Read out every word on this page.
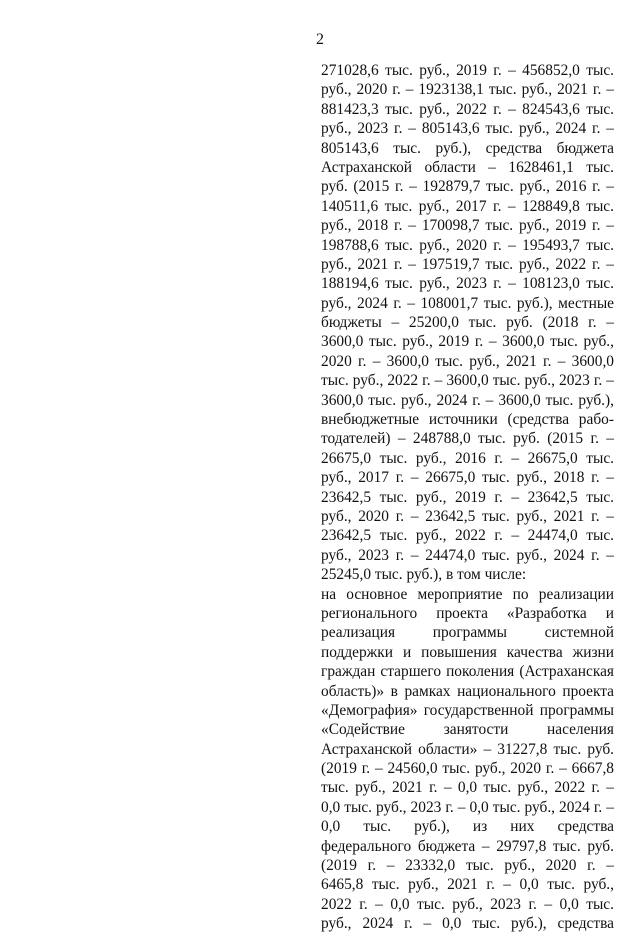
2
271028,6 тыс. руб., 2019 г. – 456852,0 тыс.
руб., 2020 г. – 1923138,1 тыс. руб., 2021 г. –
881423,3 тыс. руб., 2022 г. – 824543,6 тыс.
руб., 2023 г. – 805143,6 тыс. руб., 2024 г. –
805143,6 тыс. руб.), средства бюджета
Астраханской области – 1628461,1 тыс.
руб. (2015 г. – 192879,7 тыс. руб., 2016 г. –
140511,6 тыс. руб., 2017 г. – 128849,8 тыс.
руб., 2018 г. – 170098,7 тыс. руб., 2019 г. –
198788,6 тыс. руб., 2020 г. – 195493,7 тыс.
руб., 2021 г. – 197519,7 тыс. руб., 2022 г. –
188194,6 тыс. руб., 2023 г. – 108123,0 тыс.
руб., 2024 г. – 108001,7 тыс. руб.), местные
бюджеты – 25200,0 тыс. руб. (2018 г. –
3600,0 тыс. руб., 2019 г. – 3600,0 тыс. руб.,
2020 г. – 3600,0 тыс. руб., 2021 г. – 3600,0
тыс. руб., 2022 г. – 3600,0 тыс. руб., 2023 г. –
3600,0 тыс. руб., 2024 г. – 3600,0 тыс. руб.),
внебюджетные источники (средства рабо-
тодателей) – 248788,0 тыс. руб. (2015 г. –
26675,0 тыс. руб., 2016 г. – 26675,0 тыс.
руб., 2017 г. – 26675,0 тыс. руб., 2018 г. –
23642,5 тыс. руб., 2019 г. – 23642,5 тыс.
руб., 2020 г. – 23642,5 тыс. руб., 2021 г. –
23642,5 тыс. руб., 2022 г. – 24474,0 тыс.
руб., 2023 г. – 24474,0 тыс. руб., 2024 г. –
25245,0 тыс. руб.), в том числе:
на основное мероприятие по реализации
регионального проекта «Разработка и
реализация программы системной
поддержки и повышения качества жизни
граждан старшего поколения (Астраханская
область)» в рамках национального проекта
«Демография» государственной программы
«Содействие занятости населения
Астраханской области» – 31227,8 тыс. руб.
(2019 г. – 24560,0 тыс. руб., 2020 г. – 6667,8
тыс. руб., 2021 г. – 0,0 тыс. руб., 2022 г. –
0,0 тыс. руб., 2023 г. – 0,0 тыс. руб., 2024 г. –
0,0 тыс. руб.), из них средства
федерального бюджета – 29797,8 тыс. руб.
(2019 г. – 23332,0 тыс. руб., 2020 г. –
6465,8 тыс. руб., 2021 г. – 0,0 тыс. руб.,
2022 г. – 0,0 тыс. руб., 2023 г. – 0,0 тыс.
руб., 2024 г. – 0,0 тыс. руб.), средства
